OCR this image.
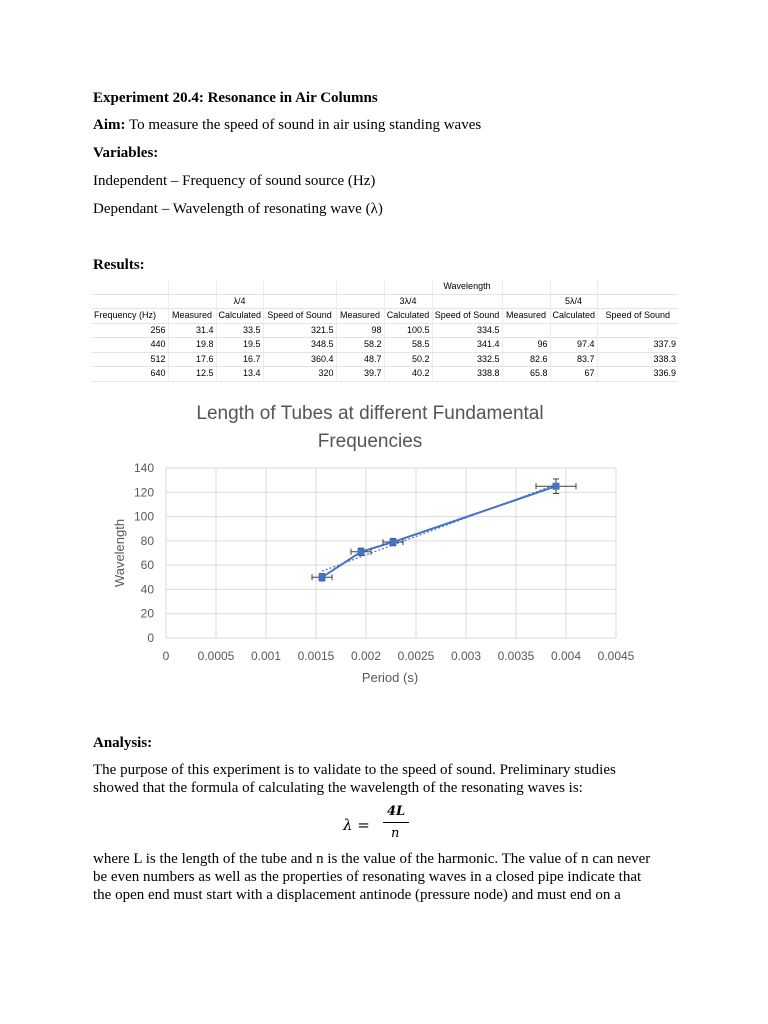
Experiment 20.4: Resonance in Air Columns
Aim: To measure the speed of sound in air using standing waves
Variables:
Independent – Frequency of sound source (Hz)
Dependant – Wavelength of resonating wave (λ)
Results:
						Wavelength			
		λ/4			3λ/4			5λ/4	
Frequency (Hz)	Measured	Calculated	Speed of Sound	Measured	Calculated	Speed of Sound	Measured	Calculated	Speed of Sound
256	31.4	33.5	321.5	98	100.5	334.5			
440	19.8	19.5	348.5	58.2	58.5	341.4	96	97.4	337.9
512	17.6	16.7	360.4	48.7	50.2	332.5	82.6	83.7	338.3
640	12.5	13.4	320	39.7	40.2	338.8	65.8	67	336.9
Length of Tubes at different Fundamental
Frequencies
0 0.0005 0.001 0.0015 0.002 0.0025 0.003 0.0035 0.004 0.0045
0
20
40
60
80
100
120
140
Period (s)
Wavelength
Analysis:
The purpose of this experiment is to validate to the speed of sound. Preliminary studies
showed that the formula of calculating the wavelength of the resonating waves is:
λ =
4L
n
where L is the length of the tube and n is the value of the harmonic. The value of n can never
be even numbers as well as the properties of resonating waves in a closed pipe indicate that
the open end must start with a displacement antinode (pressure node) and must end on a
